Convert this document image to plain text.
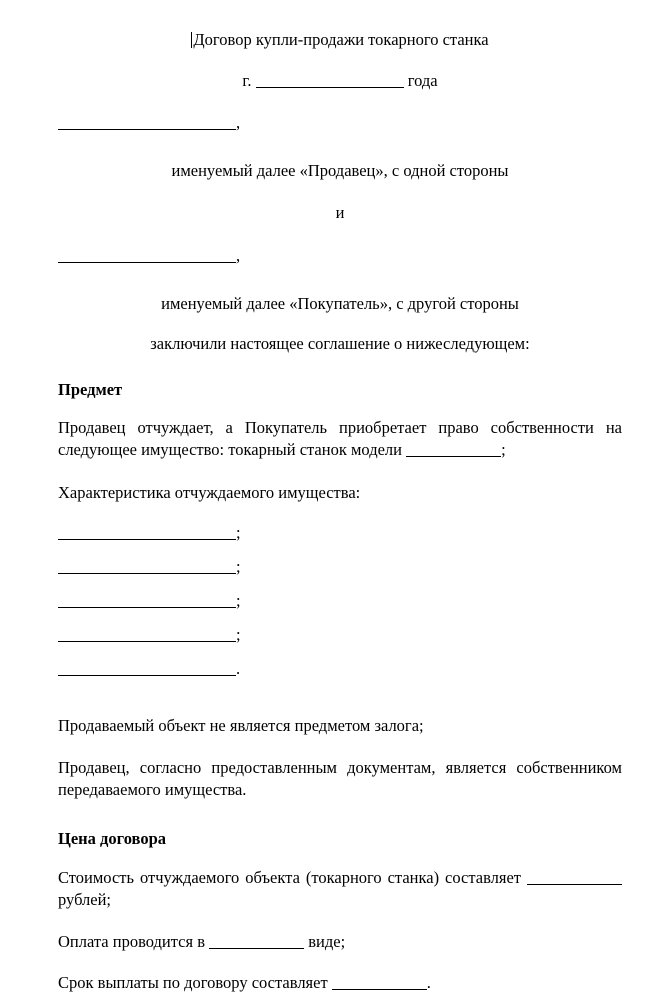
Договор купли-продажи токарного станка
г.	года
,
именуемый далее «Продавец», с одной стороны
и
,
именуемый далее «Покупатель», с другой стороны
заключили настоящее соглашение о нижеследующем:
Предмет
Продавец отчуждает, а Покупатель приобретает право собственности на следующее имущество: токарный станок модели	;
Характеристика отчуждаемого имущества:
;
;
;
;
.
Продаваемый объект не является предметом залога;
Продавец, согласно предоставленным документам, является собственником передаваемого имущества.
Цена договора
Стоимость отчуждаемого объекта (токарного станка) составляет  рублей;
Оплата проводится в	виде;
Срок выплаты по договору составляет	.
